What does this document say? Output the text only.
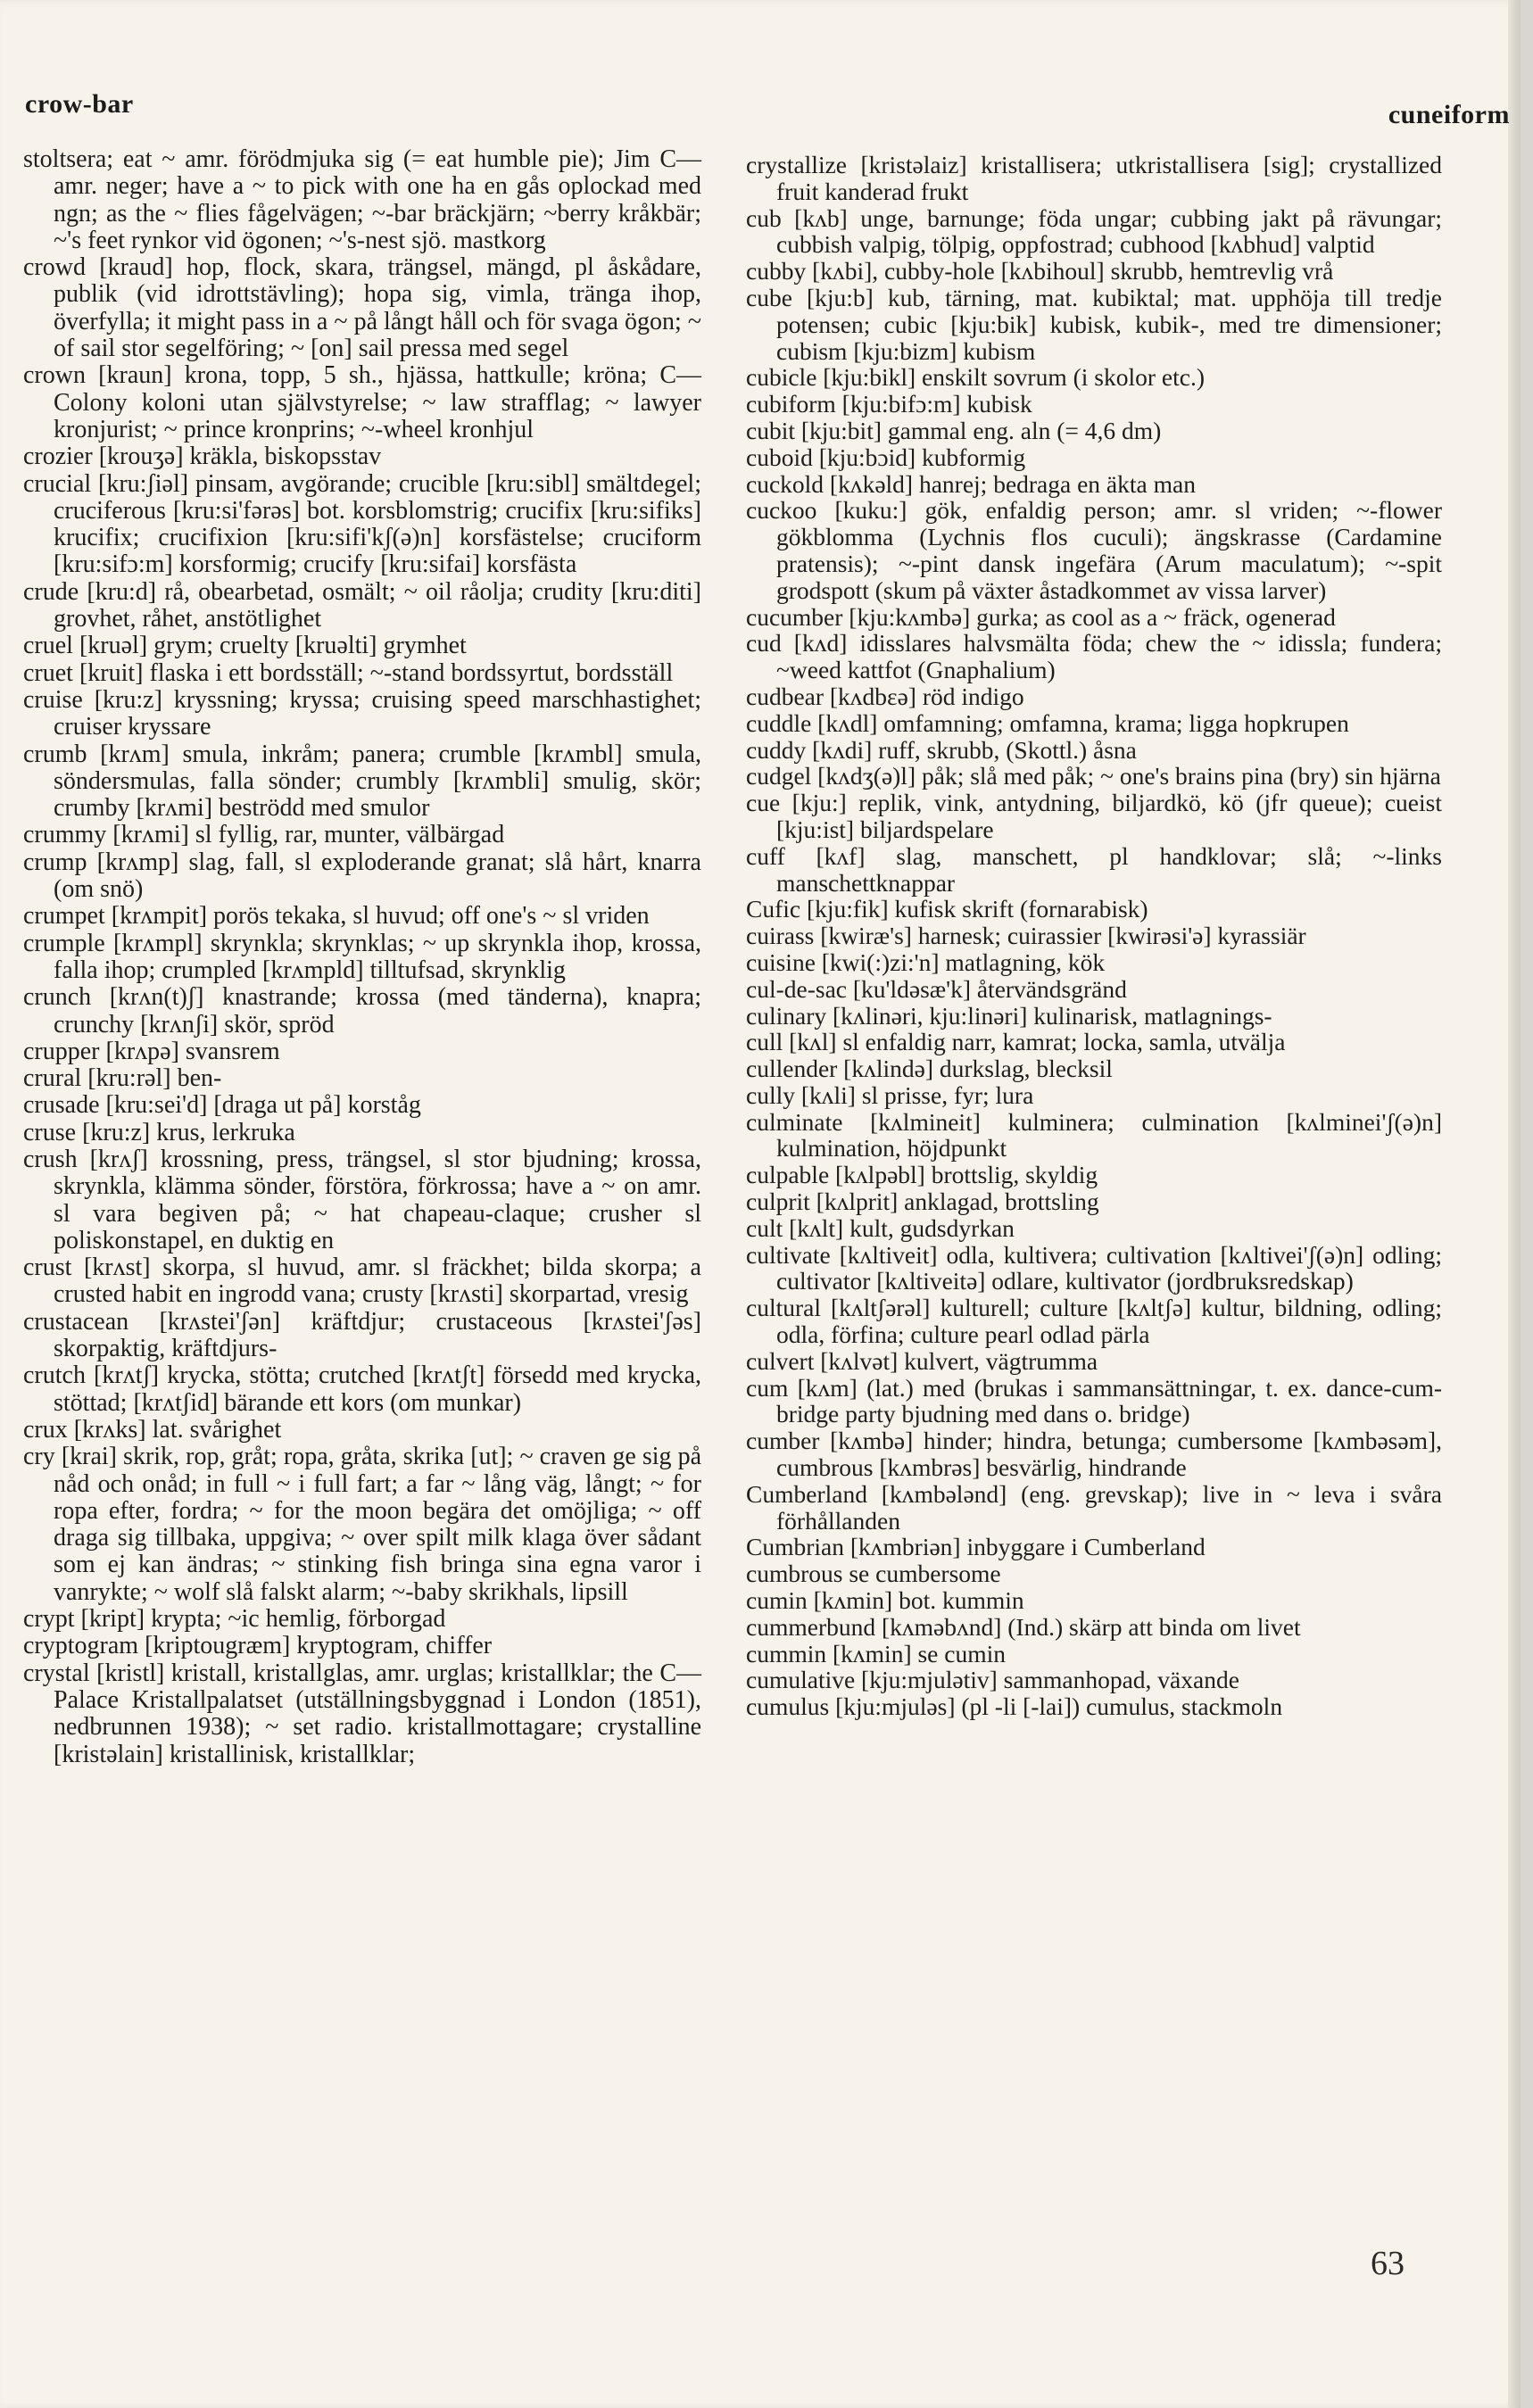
crow-bar	cuneiform

stoltsera; eat ~ amr. förödmjuka sig (= eat humble pie); Jim C— amr. neger; have a ~ to pick with one ha en gås oplockad med ngn; as the ~ flies fågelvägen; ~-bar bräckjärn; ~berry kråkbär; ~'s feet rynkor vid ögonen; ~'s-nest sjö. mastkorg

crowd [kraud] hop, flock, skara, trängsel, mängd, pl åskådare, publik (vid idrottstävling); hopa sig, vimla, tränga ihop, överfylla; it might pass in a ~ på långt håll och för svaga ögon; ~ of sail stor segelföring; ~ [on] sail pressa med segel

crown [kraun] krona, topp, 5 sh., hjässa, hattkulle; kröna; C— Colony koloni utan självstyrelse; ~ law strafflag; ~ lawyer kronjurist; ~ prince kronprins; ~-wheel kronhjul

crozier [krouʒə] kräkla, biskopsstav

crucial [kru:ʃiəl] pinsam, avgörande; crucible [kru:sibl] smältdegel; cruciferous [kru:si'fərəs] bot. korsblomstrig; crucifix [kru:sifiks] krucifix; crucifixion [kru:sifi'kʃ(ə)n] korsfästelse; cruciform [kru:sifɔ:m] korsformig; crucify [kru:sifai] korsfästa

crude [kru:d] rå, obearbetad, osmält; ~ oil råolja; crudity [kru:diti] grovhet, råhet, anstötlighet

cruel [kruəl] grym; cruelty [kruəlti] grymhet

cruet [kruit] flaska i ett bordsställ; ~-stand bordssyrtut, bordsställ

cruise [kru:z] kryssning; kryssa; cruising speed marschhastighet; cruiser kryssare

crumb [krʌm] smula, inkråm; panera; crumble [krʌmbl] smula, söndersmulas, falla sönder; crumbly [krʌmbli] smulig, skör; crumby [krʌmi] beströdd med smulor

crummy [krʌmi] sl fyllig, rar, munter, välbärgad

crump [krʌmp] slag, fall, sl exploderande granat; slå hårt, knarra (om snö)

crumpet [krʌmpit] porös tekaka, sl huvud; off one's ~ sl vriden

crumple [krʌmpl] skrynkla; skrynklas; ~ up skrynkla ihop, krossa, falla ihop; crumpled [krʌmpld] tilltufsad, skrynklig

crunch [krʌn(t)ʃ] knastrande; krossa (med tänderna), knapra; crunchy [krʌnʃi] skör, spröd

crupper [krʌpə] svansrem

crural [kru:rəl] ben-

crusade [kru:sei'd] [draga ut på] korståg

cruse [kru:z] krus, lerkruka

crush [krʌʃ] krossning, press, trängsel, sl stor bjudning; krossa, skrynkla, klämma sönder, förstöra, förkrossa; have a ~ on amr. sl vara begiven på; ~ hat chapeau-claque; crusher sl poliskonstapel, en duktig en

crust [krʌst] skorpa, sl huvud, amr. sl fräckhet; bilda skorpa; a crusted habit en ingrodd vana; crusty [krʌsti] skorpartad, vresig

crustacean [krʌstei'ʃən] kräftdjur; crustaceous [krʌstei'ʃəs] skorpaktig, kräftdjurs-

crutch [krʌtʃ] krycka, stötta; crutched [krʌtʃt] försedd med krycka, stöttad; [krʌtʃid] bärande ett kors (om munkar)

crux [krʌks] lat. svårighet

cry [krai] skrik, rop, gråt; ropa, gråta, skrika [ut]; ~ craven ge sig på nåd och onåd; in full ~ i full fart; a far ~ lång väg, långt; ~ for ropa efter, fordra; ~ for the moon begära det omöjliga; ~ off draga sig tillbaka, uppgiva; ~ over spilt milk klaga över sådant som ej kan ändras; ~ stinking fish bringa sina egna varor i vanrykte; ~ wolf slå falskt alarm; ~-baby skrikhals, lipsill

crypt [kript] krypta; ~ic hemlig, förborgad

cryptogram [kriptougræm] kryptogram, chiffer

crystal [kristl] kristall, kristallglas, amr. urglas; kristallklar; the C— Palace Kristallpalatset (utställningsbyggnad i London (1851), nedbrunnen 1938); ~ set radio. kristallmottagare; crystalline [kristəlain] kristallinisk, kristallklar;

crystallize [kristəlaiz] kristallisera; utkristallisera [sig]; crystallized fruit kanderad frukt

cub [kʌb] unge, barnunge; föda ungar; cubbing jakt på rävungar; cubbish valpig, tölpig, oppfostrad; cubhood [kʌbhud] valptid

cubby [kʌbi], cubby-hole [kʌbihoul] skrubb, hemtrevlig vrå

cube [kju:b] kub, tärning, mat. kubiktal; mat. upphöja till tredje potensen; cubic [kju:bik] kubisk, kubik-, med tre dimensioner; cubism [kju:bizm] kubism

cubicle [kju:bikl] enskilt sovrum (i skolor etc.)

cubiform [kju:bifɔ:m] kubisk

cubit [kju:bit] gammal eng. aln (= 4,6 dm)

cuboid [kju:bɔid] kubformig

cuckold [kʌkəld] hanrej; bedraga en äkta man

cuckoo [kuku:] gök, enfaldig person; amr. sl vriden; ~-flower gökblomma (Lychnis flos cuculi); ängskrasse (Cardamine pratensis); ~-pint dansk ingefära (Arum maculatum); ~-spit grodspott (skum på växter åstadkommet av vissa larver)

cucumber [kju:kʌmbə] gurka; as cool as a ~ fräck, ogenerad

cud [kʌd] idisslares halvsmälta föda; chew the ~ idissla; fundera; ~weed kattfot (Gnaphalium)

cudbear [kʌdbɛə] röd indigo

cuddle [kʌdl] omfamning; omfamna, krama; ligga hopkrupen

cuddy [kʌdi] ruff, skrubb, (Skottl.) åsna

cudgel [kʌdʒ(ə)l] påk; slå med påk; ~ one's brains pina (bry) sin hjärna

cue [kju:] replik, vink, antydning, biljardkö, kö (jfr queue); cueist [kju:ist] biljardspelare

cuff [kʌf] slag, manschett, pl handklovar; slå; ~-links manschettknappar

Cufic [kju:fik] kufisk skrift (fornarabisk)

cuirass [kwiræ's] harnesk; cuirassier [kwirəsi'ə] kyrassiär

cuisine [kwi(:)zi:'n] matlagning, kök

cul-de-sac [ku'ldəsæ'k] återvändsgränd

culinary [kʌlinəri, kju:linəri] kulinarisk, matlagnings-

cull [kʌl] sl enfaldig narr, kamrat; locka, samla, utvälja

cullender [kʌlində] durkslag, blecksil

cully [kʌli] sl prisse, fyr; lura

culminate [kʌlmineit] kulminera; culmination [kʌlminei'ʃ(ə)n] kulmination, höjdpunkt

culpable [kʌlpəbl] brottslig, skyldig

culprit [kʌlprit] anklagad, brottsling

cult [kʌlt] kult, gudsdyrkan

cultivate [kʌltiveit] odla, kultivera; cultivation [kʌltivei'ʃ(ə)n] odling; cultivator [kʌltiveitə] odlare, kultivator (jordbruksredskap)

cultural [kʌltʃərəl] kulturell; culture [kʌltʃə] kultur, bildning, odling; odla, förfina; culture pearl odlad pärla

culvert [kʌlvət] kulvert, vägtrumma

cum [kʌm] (lat.) med (brukas i sammansättningar, t. ex. dance-cum-bridge party bjudning med dans o. bridge)

cumber [kʌmbə] hinder; hindra, betunga; cumbersome [kʌmbəsəm], cumbrous [kʌmbrəs] besvärlig, hindrande

Cumberland [kʌmbələnd] (eng. grevskap); live in ~ leva i svåra förhållanden

Cumbrian [kʌmbriən] inbyggare i Cumberland

cumbrous se cumbersome

cumin [kʌmin] bot. kummin

cummerbund [kʌməbʌnd] (Ind.) skärp att binda om livet

cummin [kʌmin] se cumin

cumulative [kju:mjulətiv] sammanhopad, växande

cumulus [kju:mjuləs] (pl -li [-lai]) cumulus, stackmoln

63
